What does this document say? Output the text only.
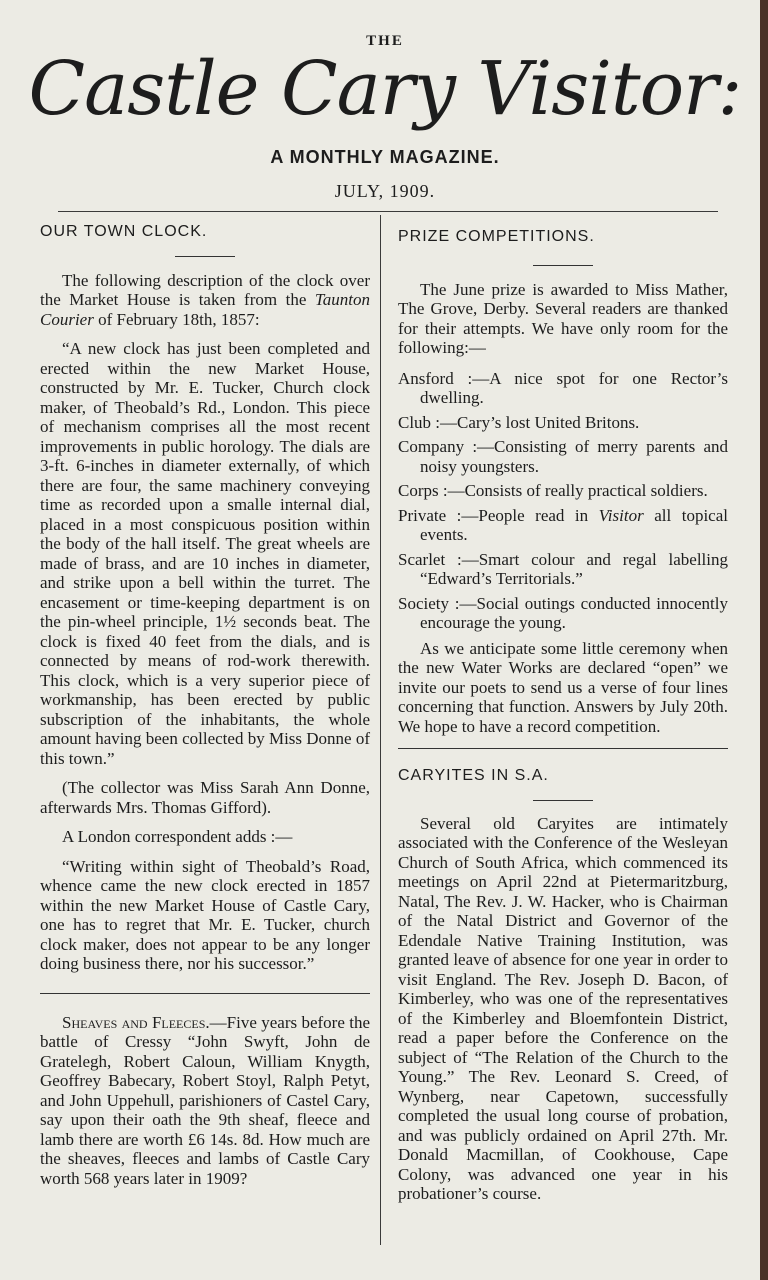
THE
Castle Cary Visitor:
A MONTHLY MAGAZINE.
JULY, 1909.

OUR TOWN CLOCK.

The following description of the clock over the Market House is taken from the Taunton Courier of February 18th, 1857:

“A new clock has just been completed and erected within the new Market House, constructed by Mr. E. Tucker, Church clock maker, of Theobald’s Rd., London. This piece of mechanism comprises all the most recent improvements in public horology. The dials are 3-ft. 6-inches in diameter externally, of which there are four, the same machinery conveying time as recorded upon a smalle internal dial, placed in a most conspicuous position within the body of the hall itself. The great wheels are made of brass, and are 10 inches in diameter, and strike upon a bell within the turret. The encasement or time-keeping department is on the pin-wheel principle, 1½ seconds beat. The clock is fixed 40 feet from the dials, and is connected by means of rod-work therewith. This clock, which is a very superior piece of workmanship, has been erected by public subscription of the inhabitants, the whole amount having been collected by Miss Donne of this town.”

(The collector was Miss Sarah Ann Donne, afterwards Mrs. Thomas Gifford).

A London correspondent adds :—

“Writing within sight of Theobald’s Road, whence came the new clock erected in 1857 within the new Market House of Castle Cary, one has to regret that Mr. E. Tucker, church clock maker, does not appear to be any longer doing business there, nor his successor.”

Sheaves and Fleeces.—Five years before the battle of Cressy “John Swyft, John de Gratelegh, Robert Caloun, William Knygth, Geoffrey Babecary, Robert Stoyl, Ralph Petyt, and John Uppehull, parishioners of Castel Cary, say upon their oath the 9th sheaf, fleece and lamb there are worth £6 14s. 8d. How much are the sheaves, fleeces and lambs of Castle Cary worth 568 years later in 1909?

PRIZE COMPETITIONS.

The June prize is awarded to Miss Mather, The Grove, Derby. Several readers are thanked for their attempts. We have only room for the following:—

Ansford :—A nice spot for one Rector’s dwelling.

Club :—Cary’s lost United Britons.

Company :—Consisting of merry parents and noisy youngsters.

Corps :—Consists of really practical soldiers.

Private :—People read in Visitor all topical events.

Scarlet :—Smart colour and regal labelling “Edward’s Territorials.”

Society :—Social outings conducted innocently encourage the young.

As we anticipate some little ceremony when the new Water Works are declared “open” we invite our poets to send us a verse of four lines concerning that function. Answers by July 20th. We hope to have a record competition.

CARYITES IN S.A.

Several old Caryites are intimately associated with the Conference of the Wesleyan Church of South Africa, which commenced its meetings on April 22nd at Pietermaritzburg, Natal, The Rev. J. W. Hacker, who is Chairman of the Natal District and Governor of the Edendale Native Training Institution, was granted leave of absence for one year in order to visit England. The Rev. Joseph D. Bacon, of Kimberley, who was one of the representatives of the Kimberley and Bloemfontein District, read a paper before the Conference on the subject of “The Relation of the Church to the Young.” The Rev. Leonard S. Creed, of Wynberg, near Capetown, successfully completed the usual long course of probation, and was publicly ordained on April 27th. Mr. Donald Macmillan, of Cookhouse, Cape Colony, was advanced one year in his probationer’s course.
